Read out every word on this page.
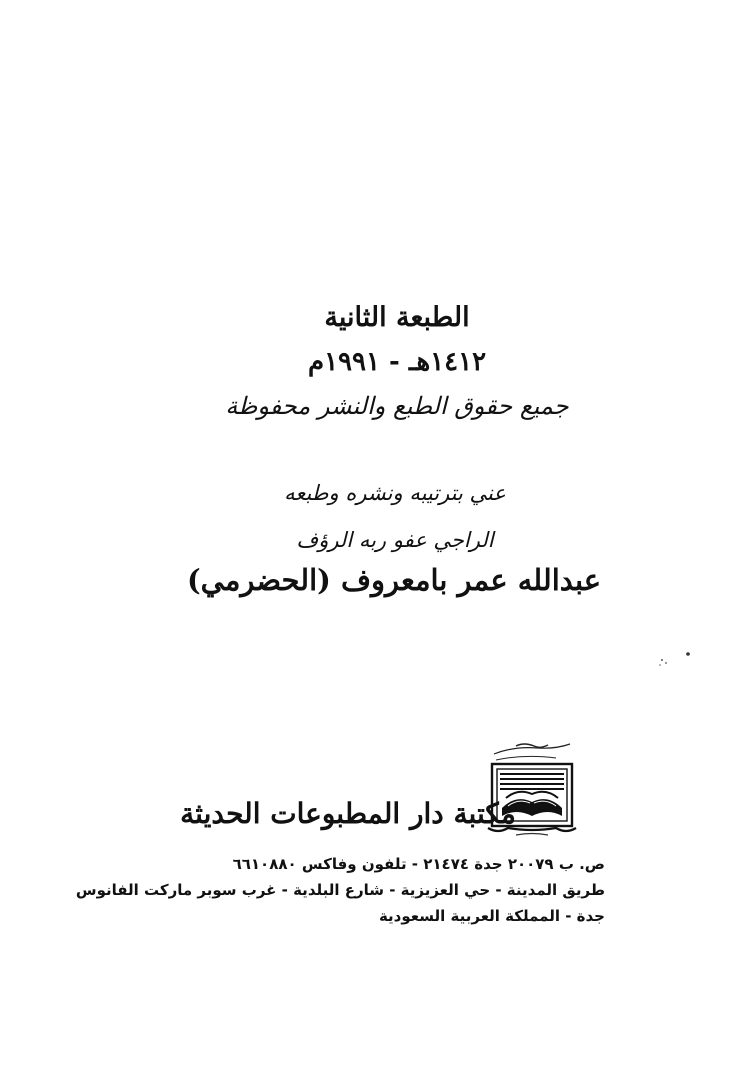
الطبعة الثانية
١٤١٢هـ - ١٩٩١م
جميع حقوق الطبع والنشر محفوظة
عني بترتيبه ونشره وطبعه
الراجي عفو ربه الرؤف
عبدالله عمر بامعروف (الحضرمي)
مكتبة دار المطبوعات الحديثة
ص. ب ٢٠٠٧٩ جدة ٢١٤٧٤ - تلفون وفاكس ٦٦١٠٨٨٠
طريق المدينة - حي العزيزية - شارع البلدية - غرب سوبر ماركت الفانوس
جدة - المملكة العربية السعودية
